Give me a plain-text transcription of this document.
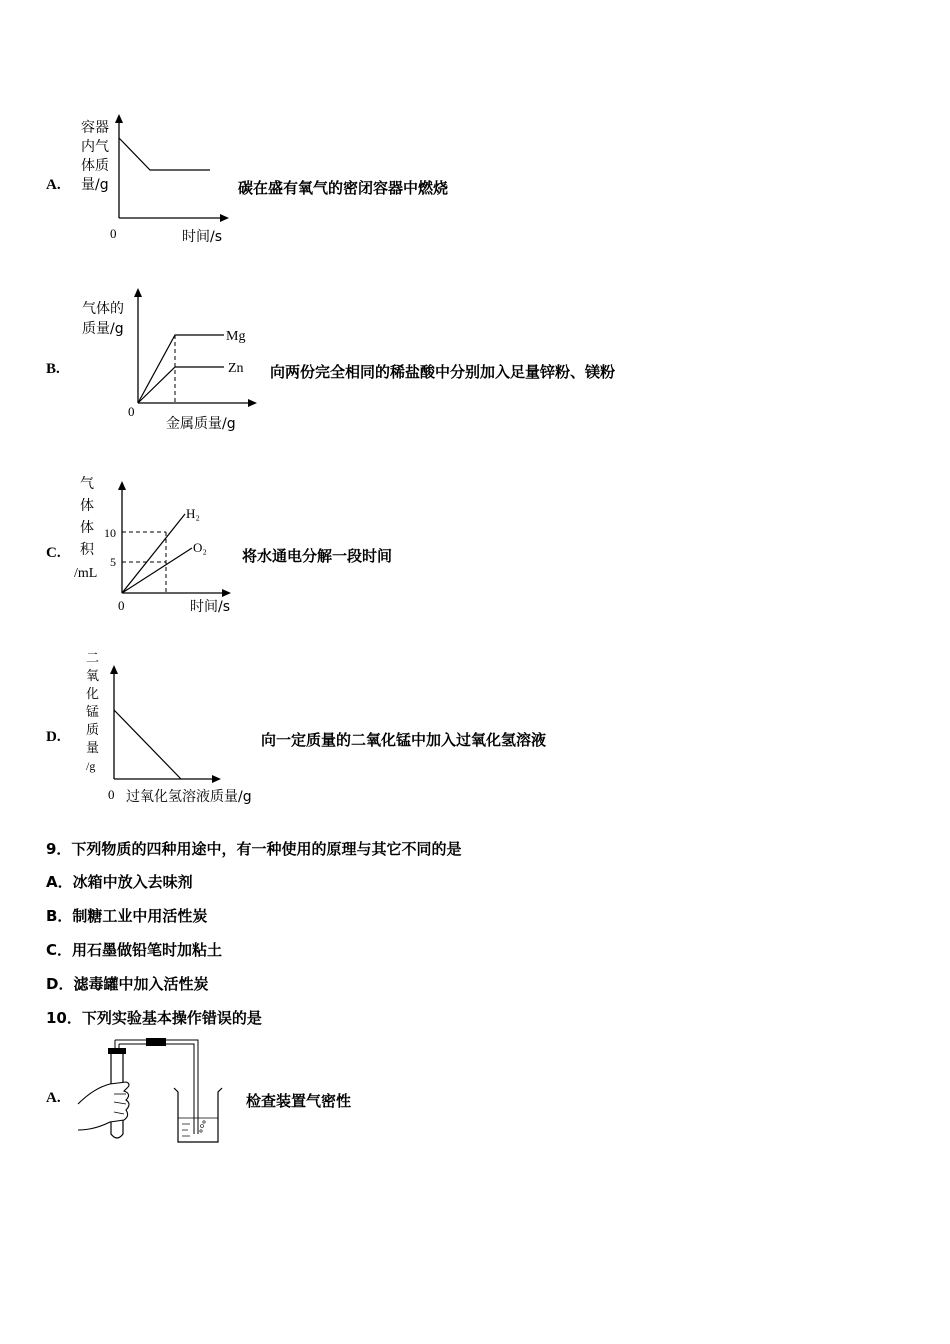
A.
容器
内气
体质
量/g
0	时间/s
碳在盛有氧气的密闭容器中燃烧
B.
气体的
质量/g	Mg
Zn
0
金属质量/g
向两份完全相同的稀盐酸中分别加入足量锌粉、镁粉
C.
气
体
体
积
/mL
10
5
H₂
O₂
0	时间/s
将水通电分解一段时间
D.
二
氧
化
锰
质
量
/g
0 过氧化氢溶液质量/g
向一定质量的二氧化锰中加入过氧化氢溶液
9．下列物质的四种用途中，有一种使用的原理与其它不同的是
A．冰箱中放入去味剂
B．制糖工业中用活性炭
C．用石墨做铅笔时加粘土
D．滤毒罐中加入活性炭
10．下列实验基本操作错误的是
A.	检查装置气密性
